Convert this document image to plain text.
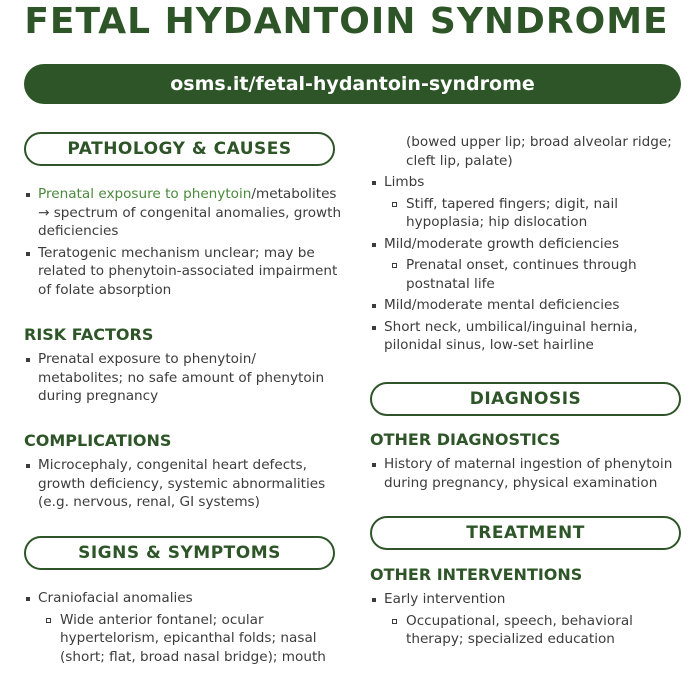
FETAL HYDANTOIN SYNDROME
osms.it/fetal-hydantoin-syndrome
PATHOLOGY & CAUSES
Prenatal exposure to phenytoin/metabolites → spectrum of congenital anomalies, growth deficiencies
Teratogenic mechanism unclear; may be related to phenytoin-associated impairment of folate absorption
RISK FACTORS
Prenatal exposure to phenytoin/ metabolites; no safe amount of phenytoin during pregnancy
COMPLICATIONS
Microcephaly, congenital heart defects, growth deficiency, systemic abnormalities (e.g. nervous, renal, GI systems)
SIGNS & SYMPTOMS
Craniofacial anomalies
Wide anterior fontanel; ocular hypertelorism, epicanthal folds; nasal (short; flat, broad nasal bridge); mouth
(bowed upper lip; broad alveolar ridge; cleft lip, palate)
Limbs
Stiff, tapered fingers; digit, nail hypoplasia; hip dislocation
Mild/moderate growth deficiencies
Prenatal onset, continues through postnatal life
Mild/moderate mental deficiencies
Short neck, umbilical/inguinal hernia, pilonidal sinus, low-set hairline
DIAGNOSIS
OTHER DIAGNOSTICS
History of maternal ingestion of phenytoin during pregnancy, physical examination
TREATMENT
OTHER INTERVENTIONS
Early intervention
Occupational, speech, behavioral therapy; specialized education
